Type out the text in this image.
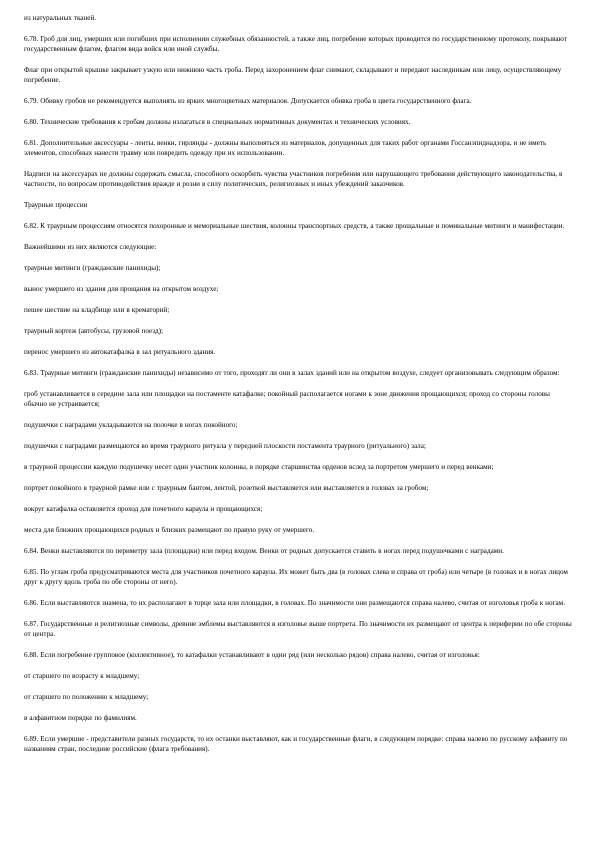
из натуральных тканей.

6.78. Гроб для лиц, умерших или погибших при исполнении служебных обязанностей, а также лиц, погребение которых проводится по государственному протоколу, покрывают государственным флагом, флагом вида войск или иной службы.

Флаг при открытой крышке закрывает узкую или нижнюю часть гроба. Перед захоронением флаг снимают, складывают и передают наследникам или лицу, осуществляющему погребение.

6.79. Обивку гробов не рекомендуется выполнять из ярких многоцветных материалов. Допускается обивка гроба в цвета государственного флага.

6.80. Технические требования к гробам должны излагаться в специальных нормативных документах и технических условиях.

6.81. Дополнительные аксессуары - ленты, венки, гирлянды - должны выполняться из материалов, допущенных для таких работ органами Госсанэпиднадзора, и не иметь элементов, способных нанести травму или повредить одежду при их использовании.

Надписи на аксессуарах не должны содержать смысла, способного оскорбить чувства участников погребения или нарушающего требования действующего законодательства, в частности, по вопросам противодействия вражде и розни в силу политических, религиозных и иных убеждений заказчиков.

Траурные процессии

6.82. К траурным процессиям относятся похоронные и мемориальные шествия, колонны транспортных средств, а также прощальные и поминальные митинги и манифестации.

Важнейшими из них являются следующие:

траурные митинги (гражданские панихиды);

вынос умершего из здания для прощания на открытом воздухе;

пешее шествие на кладбище или в крематорий;

траурный кортеж (автобусы, грузовой поезд);

перенос умершего из автокатафалка в зал ритуального здания.

6.83. Траурные митинги (гражданские панихиды) независимо от того, проходят ли они в залах зданий или на открытом воздухе, следует организовывать следующим образом:

гроб устанавливается в середине зала или площадки на постаменте катафалке; покойный располагается ногами к зоне движения прощающихся; проход со стороны головы обычно не устраивается;

подушечки с наградами укладываются на полочке в ногах покойного;

подушечки с наградами размещаются во время траурного ритуала у передней плоскости постамента траурного (ритуального) зала;

в траурной процессии каждую подушечку несет один участник колонны, в порядке старшинства орденов вслед за портретом умершего и перед венками;

портрет покойного в траурной рамке или с траурным бантом, лентой, розеткой выставляется или выставляется в головах за гробом;

вокруг катафалка оставляется проход для почетного караула и прощающихся;

места для ближних прощающихся родных и близких размещают по правую руку от умершего.

6.84. Венки выставляются по периметру зала (площадки) или перед входом. Венки от родных допускается ставить в ногах перед подушечками с наградами.

6.85. По углам гроба предусматриваются места для участников почетного караула. Их может быть два (в головах слева и справа от гроба) или четыре (в головах и в ногах лицом друг к другу вдоль гроба по обе стороны от него).

6.86. Если выставляются знамена, то их располагают в торце зала или площадки, в головах. По значимости они размещаются справа налево, считая от изголовья гроба к ногам.

6.87. Государственные и религиозные символы, древние эмблемы выставляются в изголовье выше портрета. По значимости их размещают от центра к периферии по обе стороны от центра.

6.88. Если погребение групповое (коллективное), то катафалки устанавливают в один ряд (или несколько рядов) справа налево, считая от изголовья:

от старшего по возрасту к младшему;

от старшего по положению к младшему;

в алфавитном порядке по фамилиям.

6.89. Если умершие - представители разных государств, то их останки выставляют, как и государственные флаги, в следующем порядке: справа налево по русскому алфавиту по названиям стран, последние российские (флага требования).
